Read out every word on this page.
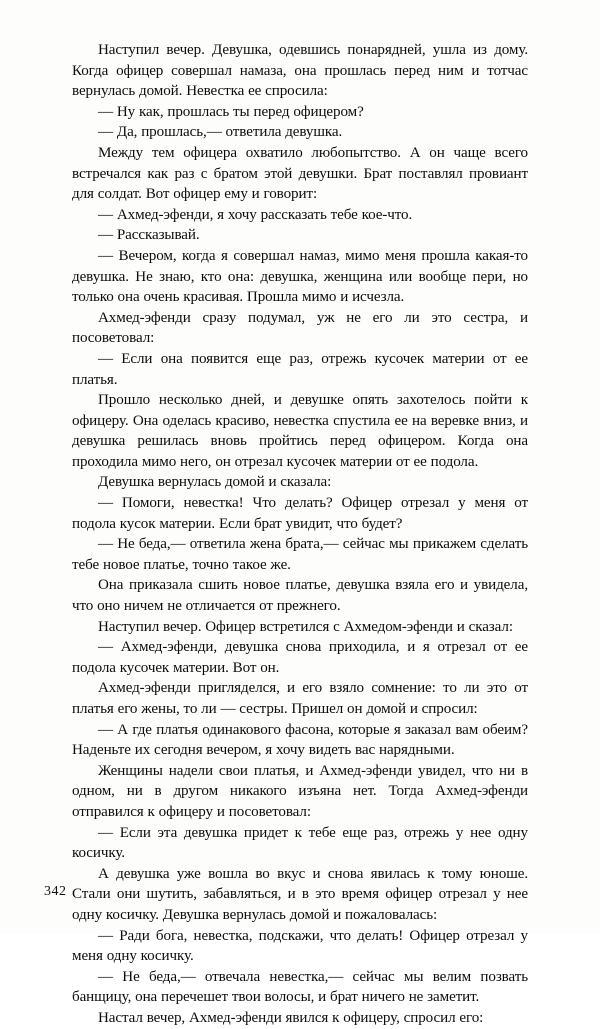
Наступил вечер. Девушка, одевшись понарядней, ушла из дому. Когда офицер совершал намаза, она прошлась перед ним и тотчас вернулась домой. Невестка ее спросила:

— Ну как, прошлась ты перед офицером?

— Да, прошлась,— ответила девушка.

Между тем офицера охватило любопытство. А он чаще всего встречался как раз с братом этой девушки. Брат поставлял провиант для солдат. Вот офицер ему и говорит:

— Ахмед-эфенди, я хочу рассказать тебе кое-что.

— Рассказывай.

— Вечером, когда я совершал намаз, мимо меня прошла какая-то девушка. Не знаю, кто она: девушка, женщина или вообще пери, но только она очень красивая. Прошла мимо и исчезла.

Ахмед-эфенди сразу подумал, уж не его ли это сестра, и посоветовал:

— Если она появится еще раз, отрежь кусочек материи от ее платья.

Прошло несколько дней, и девушке опять захотелось пойти к офицеру. Она оделась красиво, невестка спустила ее на веревке вниз, и девушка решилась вновь пройтись перед офицером. Когда она проходила мимо него, он отрезал кусочек материи от ее подола.

Девушка вернулась домой и сказала:

— Помоги, невестка! Что делать? Офицер отрезал у меня от подола кусок материи. Если брат увидит, что будет?

— Не беда,— ответила жена брата,— сейчас мы прикажем сделать тебе новое платье, точно такое же.

Она приказала сшить новое платье, девушка взяла его и увидела, что оно ничем не отличается от прежнего.

Наступил вечер. Офицер встретился с Ахмедом-эфенди и сказал:

— Ахмед-эфенди, девушка снова приходила, и я отрезал от ее подола кусочек материи. Вот он.

Ахмед-эфенди пригляделся, и его взяло сомнение: то ли это от платья его жены, то ли — сестры. Пришел он домой и спросил:

— А где платья одинакового фасона, которые я заказал вам обеим? Наденьте их сегодня вечером, я хочу видеть вас нарядными.

Женщины надели свои платья, и Ахмед-эфенди увидел, что ни в одном, ни в другом никакого изъяна нет. Тогда Ахмед-эфенди отправился к офицеру и посоветовал:

— Если эта девушка придет к тебе еще раз, отрежь у нее одну косичку.

А девушка уже вошла во вкус и снова явилась к тому юноше. Стали они шутить, забавляться, и в это время офицер отрезал у нее одну косичку. Девушка вернулась домой и пожаловалась:

— Ради бога, невестка, подскажи, что делать! Офицер отрезал у меня одну косичку.

— Не беда,— отвечала невестка,— сейчас мы велим позвать банщицу, она перечешет твои волосы, и брат ничего не заметит.

Настал вечер, Ахмед-эфенди явился к офицеру, спросил его:

342
